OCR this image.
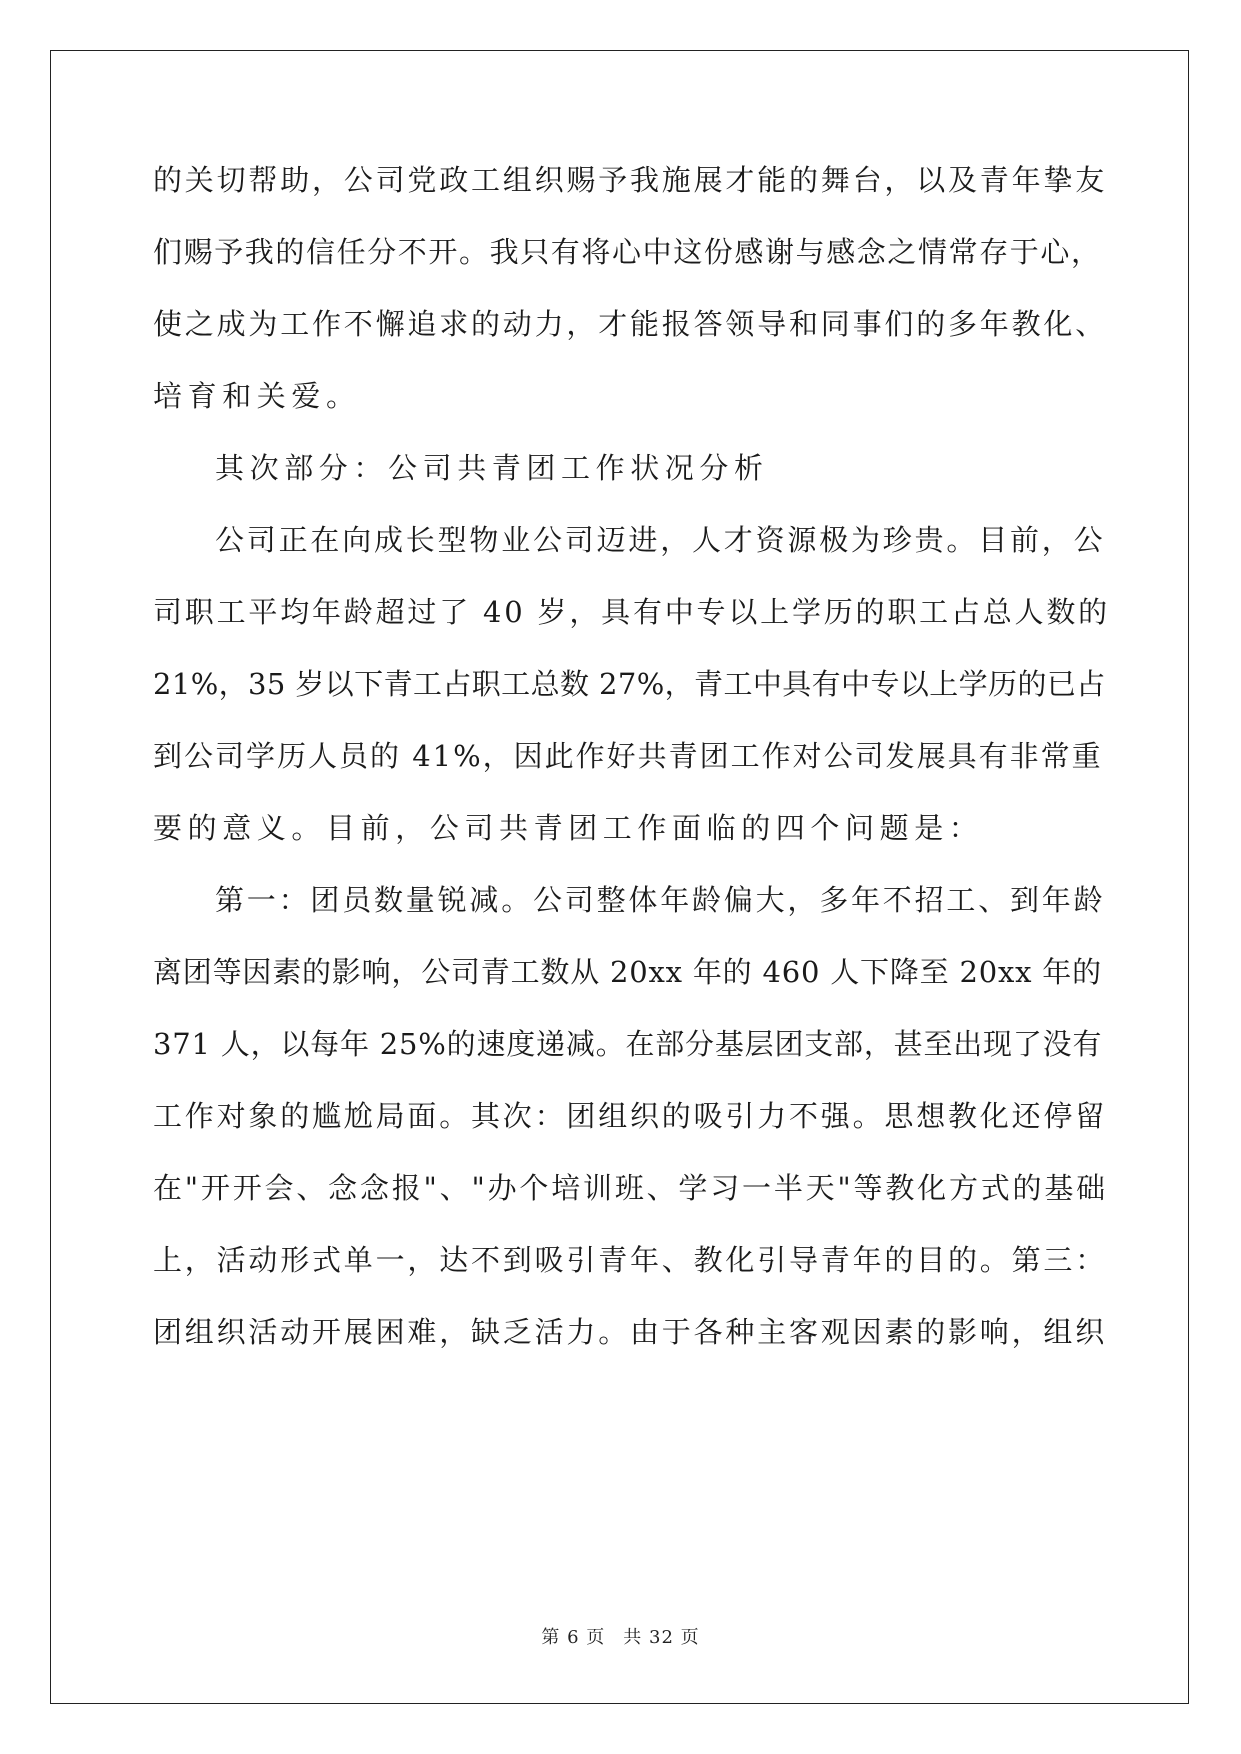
的关切帮助，公司党政工组织赐予我施展才能的舞台，以及青年挚友
们赐予我的信任分不开。我只有将心中这份感谢与感念之情常存于心，
使之成为工作不懈追求的动力，才能报答领导和同事们的多年教化、
培育和关爱。
其次部分：公司共青团工作状况分析
公司正在向成长型物业公司迈进，人才资源极为珍贵。目前，公
司职工平均年龄超过了 40 岁，具有中专以上学历的职工占总人数的
21%，35 岁以下青工占职工总数 27%，青工中具有中专以上学历的已占
到公司学历人员的 41%，因此作好共青团工作对公司发展具有非常重
要的意义。目前，公司共青团工作面临的四个问题是：
第一：团员数量锐减。公司整体年龄偏大，多年不招工、到年龄
离团等因素的影响，公司青工数从 20xx 年的 460 人下降至 20xx 年的
371 人，以每年 25%的速度递减。在部分基层团支部，甚至出现了没有
工作对象的尴尬局面。其次：团组织的吸引力不强。思想教化还停留
在"开开会、念念报"、"办个培训班、学习一半天"等教化方式的基础
上，活动形式单一，达不到吸引青年、教化引导青年的目的。第三：
团组织活动开展困难，缺乏活力。由于各种主客观因素的影响，组织
第 6 页 共 32 页
